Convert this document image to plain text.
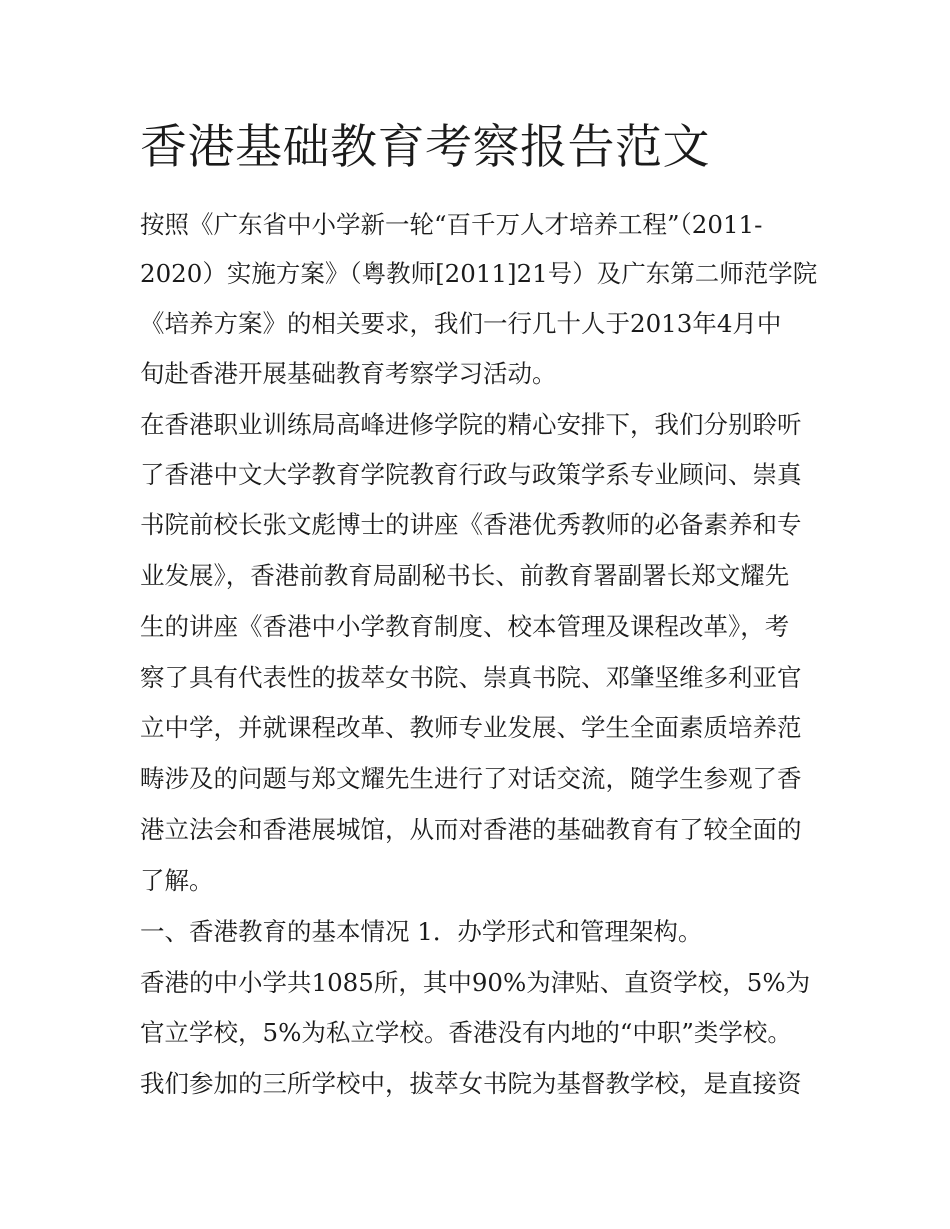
香港基础教育考察报告范文

按照《广东省中小学新一轮“百千万人才培养工程”（2011-

2020）实施方案》（粤教师[2011]21号）及广东第二师范学院

《培养方案》的相关要求，我们一行几十人于2013年4月中

旬赴香港开展基础教育考察学习活动。

在香港职业训练局高峰进修学院的精心安排下，我们分别聆听

了香港中文大学教育学院教育行政与政策学系专业顾问、崇真

书院前校长张文彪博士的讲座《香港优秀教师的必备素养和专

业发展》，香港前教育局副秘书长、前教育署副署长郑文耀先

生的讲座《香港中小学教育制度、校本管理及课程改革》，考

察了具有代表性的拔萃女书院、崇真书院、邓肇坚维多利亚官

立中学，并就课程改革、教师专业发展、学生全面素质培养范

畴涉及的问题与郑文耀先生进行了对话交流，随学生参观了香

港立法会和香港展城馆，从而对香港的基础教育有了较全面的

了解。

一、香港教育的基本情况 1．办学形式和管理架构。

香港的中小学共1085所，其中90%为津贴、直资学校，5%为

官立学校，5%为私立学校。香港没有内地的“中职”类学校。

我们参加的三所学校中，拔萃女书院为基督教学校，是直接资
